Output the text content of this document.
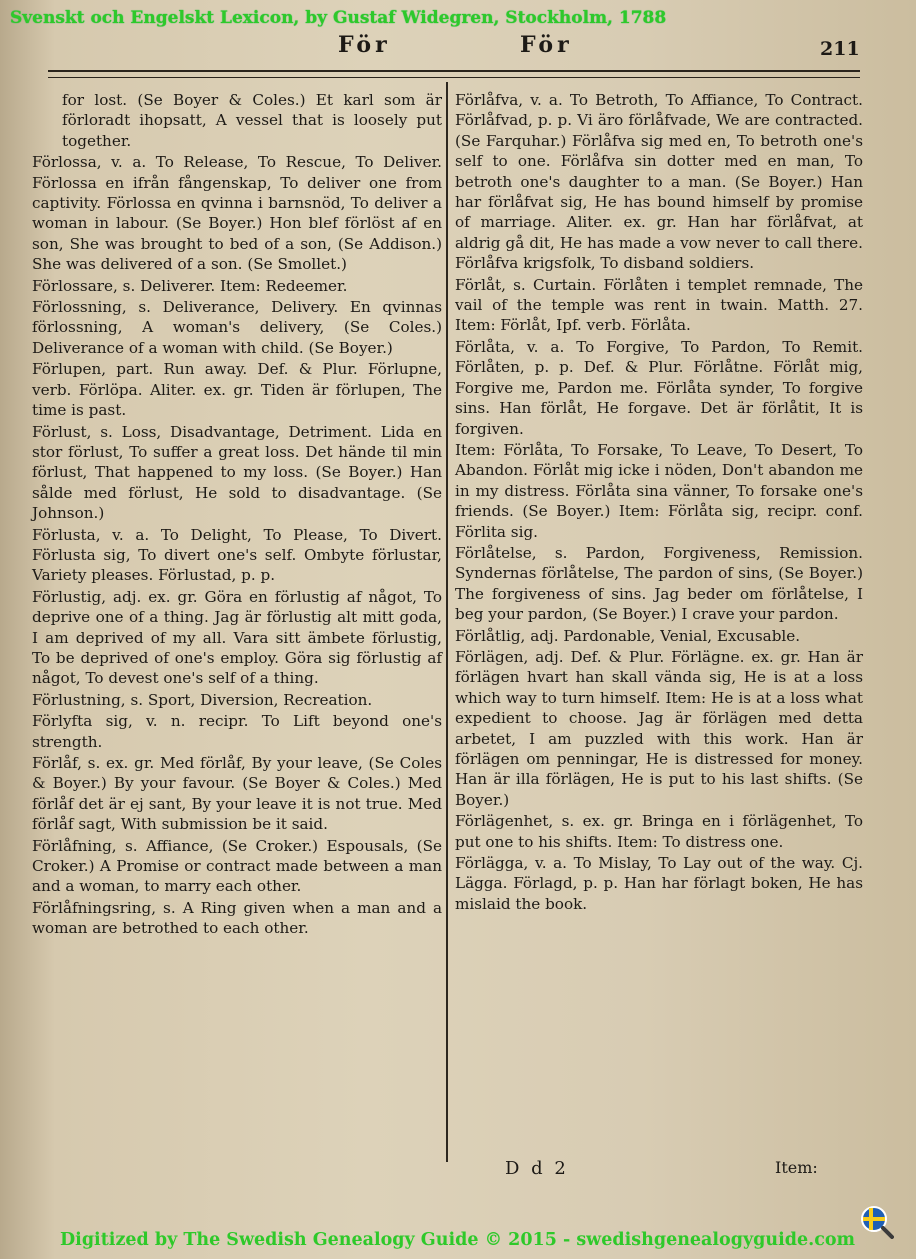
Svenskt och Engelskt Lexicon, by Gustaf Widegren, Stockholm, 1788
För	För	211

for lost. (Se Boyer & Coles.) Et karl som är förloradt ihopsatt, A vessel that is loosely put together.

Förlossa, v. a. To Release, To Rescue, To Deliver. Förlossa en ifrån fångenskap, To deliver one from captivity. Förlossa en qvinna i barnsnöd, To deliver a woman in labour. (Se Boyer.) Hon blef förlöst af en son, She was brought to bed of a son, (Se Addison.) She was delivered of a son. (Se Smollet.)

Förlossare, s. Deliverer. Item: Redeemer.

Förlossning, s. Deliverance, Delivery. En qvinnas förlossning, A woman's delivery, (Se Coles.) Deliverance of a woman with child. (Se Boyer.)

Förlupen, part. Run away. Def. & Plur. Förlupne, verb. Förlöpa. Aliter. ex. gr. Tiden är förlupen, The time is past.

Förlust, s. Loss, Disadvantage, Detriment. Lida en stor förlust, To suffer a great loss. Det hände til min förlust, That happened to my loss. (Se Boyer.) Han sålde med förlust, He sold to disadvantage. (Se Johnson.)

Förlusta, v. a. To Delight, To Please, To Divert. Förlusta sig, To divert one's self. Ombyte förlustar, Variety pleases. Förlustad, p. p.

Förlustig, adj. ex. gr. Göra en förlustig af något, To deprive one of a thing. Jag är förlustig alt mitt goda, I am deprived of my all. Vara sitt ämbete förlustig, To be deprived of one's employ. Göra sig förlustig af något, To devest one's self of a thing.

Förlustning, s. Sport, Diversion, Recreation.

Förlyfta sig, v. n. recipr. To Lift beyond one's strength.

Förlåf, s. ex. gr. Med förlåf, By your leave, (Se Coles & Boyer.) By your favour. (Se Boyer & Coles.) Med förlåf det är ej sant, By your leave it is not true. Med förlåf sagt, With submission be it said.

Förlåfning, s. Affiance, (Se Croker.) Espousals, (Se Croker.) A Promise or contract made between a man and a woman, to marry each other.

Förlåfningsring, s. A Ring given when a man and a woman are betrothed to each other.

Förlåfva, v. a. To Betroth, To Affiance, To Contract. Förlåfvad, p. p. Vi äro förlåfvade, We are contracted. (Se Farquhar.) Förlåfva sig med en, To betroth one's self to one. Förlåfva sin dotter med en man, To betroth one's daughter to a man. (Se Boyer.) Han har förlåfvat sig, He has bound himself by promise of marriage. Aliter. ex. gr. Han har förlåfvat, at aldrig gå dit, He has made a vow never to call there. Förlåfva krigsfolk, To disband soldiers.

Förlåt, s. Curtain. Förlåten i templet remnade, The vail of the temple was rent in twain. Matth. 27. Item: Förlåt, Ipf. verb. Förlåta.

Förlåta, v. a. To Forgive, To Pardon, To Remit. Förlåten, p. p. Def. & Plur. Förlåtne. Förlåt mig, Forgive me, Pardon me. Förlåta synder, To forgive sins. Han förlåt, He forgave. Det är förlåtit, It is forgiven.

Item: Förlåta, To Forsake, To Leave, To Desert, To Abandon. Förlåt mig icke i nöden, Don't abandon me in my distress. Förlåta sina vänner, To forsake one's friends. (Se Boyer.) Item: Förlåta sig, recipr. conf. Förlita sig.

Förlåtelse, s. Pardon, Forgiveness, Remission. Syndernas förlåtelse, The pardon of sins, (Se Boyer.) The forgiveness of sins. Jag beder om förlåtelse, I beg your pardon, (Se Boyer.) I crave your pardon.

Förlåtlig, adj. Pardonable, Venial, Excusable.

Förlägen, adj. Def. & Plur. Förlägne. ex. gr. Han är förlägen hvart han skall vända sig, He is at a loss which way to turn himself. Item: He is at a loss what expedient to choose. Jag är förlägen med detta arbetet, I am puzzled with this work. Han är förlägen om penningar, He is distressed for money. Han är illa förlägen, He is put to his last shifts. (Se Boyer.)

Förlägenhet, s. ex. gr. Bringa en i förlägenhet, To put one to his shifts. Item: To distress one.

Förlägga, v. a. To Mislay, To Lay out of the way. Cj. Lägga. Förlagd, p. p. Han har förlagt boken, He has mislaid the book.

D d 2	Item:
Digitized by The Swedish Genealogy Guide © 2015 - swedishgenealogyguide.com
